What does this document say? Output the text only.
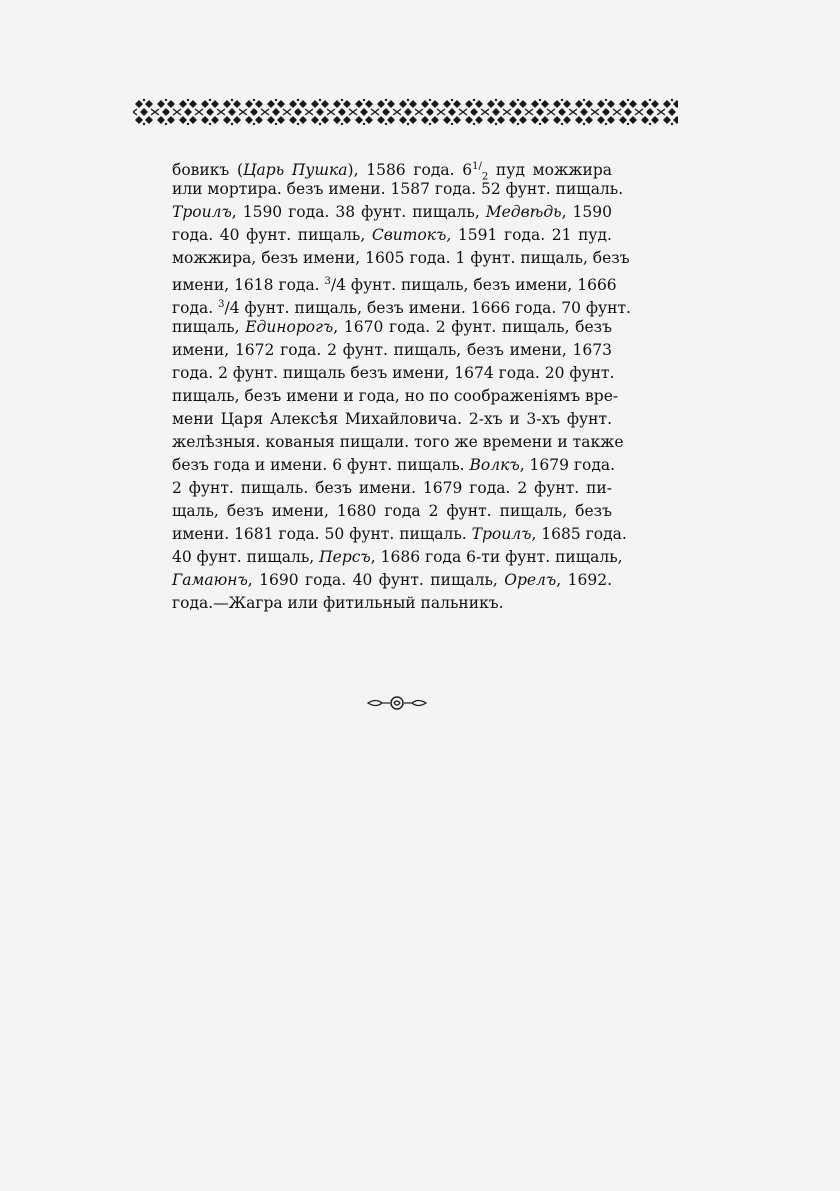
бовикъ (Царь Пушка), 1586 года. $6^{1/}_2$ пуд можжира
или мортира. безъ имени. 1587 года. 52 фунт. пищаль.
Троилъ, 1590 года. 38 фунт. пищаль, Медвѣдь, 1590
года. 40 фунт. пищаль, Свитокъ, 1591 года. 21 пуд.
можжира, безъ имени, 1605 года. 1 фунт. пищаль, безъ
имени, 1618 года. $^3$/4 фунт. пищаль, безъ имени, 1666
года. $^3$/4 фунт. пищаль, безъ имени. 1666 года. 70 фунт.
пищаль, Единорогъ, 1670 года. 2 фунт. пищаль, безъ
имени, 1672 года. 2 фунт. пищаль, безъ имени, 1673
года. 2 фунт. пищаль безъ имени, 1674 года. 20 фунт.
пищаль, безъ имени и года, но по соображеніямъ вре-
мени Царя Алексѣя Михайловича. 2-хъ и 3-хъ фунт.
желѣзныя. кованыя пищали. того же времени и также
безъ года и имени. 6 фунт. пищаль. Волкъ, 1679 года.
2 фунт. пищаль. безъ имени. 1679 года. 2 фунт. пи-
щаль, безъ имени, 1680 года 2 фунт. пищаль, безъ
имени. 1681 года. 50 фунт. пищаль. Троилъ, 1685 года.
40 фунт. пищаль, Персъ, 1686 года 6-ти фунт. пищаль,
Гамаюнъ, 1690 года. 40 фунт. пищаль, Орелъ, 1692.
года.—Жагра или фитильный пальникъ.
